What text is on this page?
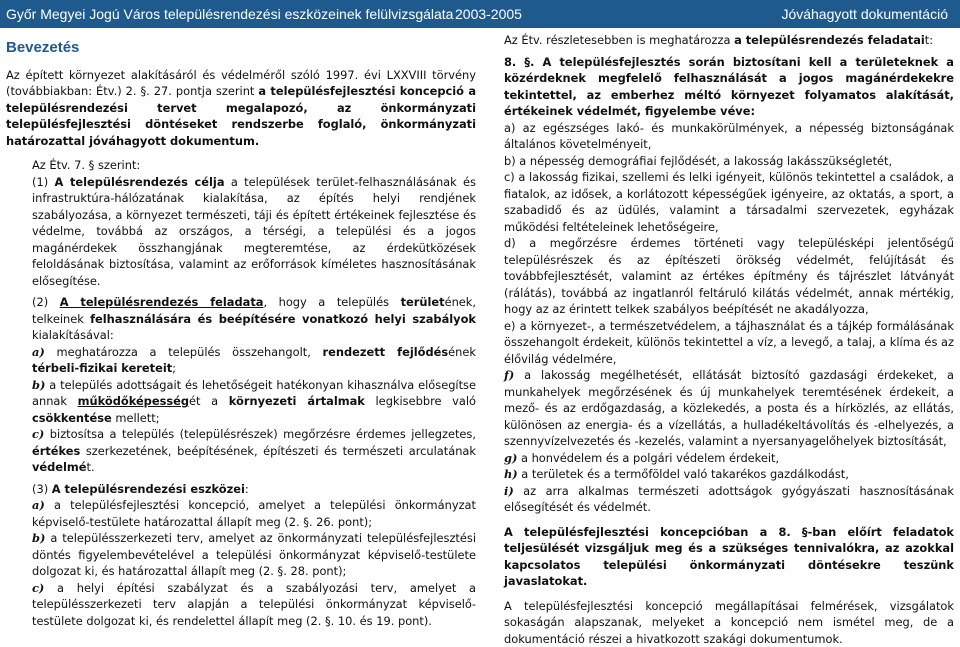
Győr Megyei Jogú Város településrendezési eszközeinek felülvizsgálata 2003-2005	Jóváhagyott dokumentáció
Bevezetés

Az épített környezet alakításáról és védelméről szóló 1997. évi LXXVIII törvény (továbbiakban: Étv.) 2. §. 27. pontja szerint a településfejlesztési koncepció a településrendezési tervet megalapozó, az önkormányzati településfejlesztési döntéseket rendszerbe foglaló, önkormányzati határozattal jóváhagyott dokumentum.

Az Étv. 7. § szerint:

(1) A településrendezés célja a települések terület-felhasználásának és infrastruktúra-hálózatának kialakítása, az építés helyi rendjének szabályozása, a környezet természeti, táji és épített értékeinek fejlesztése és védelme, továbbá az országos, a térségi, a települési és a jogos magánérdekek összhangjának megteremtése, az érdekütközések feloldásának biztosítása, valamint az erőforrások kíméletes hasznosításának elősegítése.

(2) A településrendezés feladata, hogy a település területének, telkeinek felhasználására és beépítésére vonatkozó helyi szabályok kialakításával:

a) meghatározza a település összehangolt, rendezett fejlődésének térbeli-fizikai kereteit;

b) a település adottságait és lehetőségeit hatékonyan kihasználva elősegítse annak működőképességét a környezeti ártalmak legkisebbre való csökkentése mellett;

c) biztosítsa a település (településrészek) megőrzésre érdemes jellegzetes, értékes szerkezetének, beépítésének, építészeti és természeti arculatának védelmét.

(3) A településrendezési eszközei:

a) a településfejlesztési koncepció, amelyet a települési önkormányzat képviselő-testülete határozattal állapít meg (2. §. 26. pont);

b) a településszerkezeti terv, amelyet az önkormányzati településfejlesztési döntés figyelembevételével a települési önkormányzat képviselő-testülete dolgozat ki, és határozattal állapít meg (2. §. 28. pont);

c) a helyi építési szabályzat és a szabályozási terv, amelyet a településszerkezeti terv alapján a települési önkormányzat képviselő-testülete dolgozat ki, és rendelettel állapít meg (2. §. 10. és 19. pont).

Az Étv. részletesebben is meghatározza a településrendezés feladatait:

8. §. A településfejlesztés során biztosítani kell a területeknek a közérdeknek megfelelő felhasználását a jogos magánérdekekre tekintettel, az emberhez méltó környezet folyamatos alakítását, értékeinek védelmét, figyelembe véve:

a) az egészséges lakó- és munkakörülmények, a népesség biztonságának általános követelményeit,

b) a népesség demográfiai fejlődését, a lakosság lakásszükségletét,

c) a lakosság fizikai, szellemi és lelki igényeit, különös tekintettel a családok, a fiatalok, az idősek, a korlátozott képességűek igényeire, az oktatás, a sport, a szabadidő és az üdülés, valamint a társadalmi szervezetek, egyházak működési feltételeinek lehetőségeire,

d) a megőrzésre érdemes történeti vagy településképi jelentőségű településrészek és az építészeti örökség védelmét, felújítását és továbbfejlesztését, valamint az értékes építmény és tájrészlet látványát (rálátás), továbbá az ingatlanról feltáruló kilátás védelmét, annak mértékig, hogy az az érintett telkek szabályos beépítését ne akadályozza,

e) a környezet-, a természetvédelem, a tájhasználat és a tájkép formálásának összehangolt érdekeit, különös tekintettel a víz, a levegő, a talaj, a klíma és az élővilág védelmére,

f) a lakosság megélhetését, ellátását biztosító gazdasági érdekeket, a munkahelyek megőrzésének és új munkahelyek teremtésének érdekeit, a mező- és az erdőgazdaság, a közlekedés, a posta és a hírközlés, az ellátás, különösen az energia- és a vízellátás, a hulladékeltávolítás és -elhelyezés, a szennyvízelvezetés és -kezelés, valamint a nyersanyagelőhelyek biztosítását,

g) a honvédelem és a polgári védelem érdekeit,

h) a területek és a termőföldel való takarékos gazdálkodást,

i) az arra alkalmas természeti adottságok gyógyászati hasznosításának elősegítését és védelmét.

A településfejlesztési koncepcióban a 8. §-ban előírt feladatok teljesülését vizsgáljuk meg és a szükséges tennivalókra, az azokkal kapcsolatos települési önkormányzati döntésekre teszünk javaslatokat.

A településfejlesztési koncepció megállapításai felmérések, vizsgálatok sokaságán alapszanak, melyeket a koncepció nem ismétel meg, de a dokumentáció részei a hivatkozott szakági dokumentumok.
